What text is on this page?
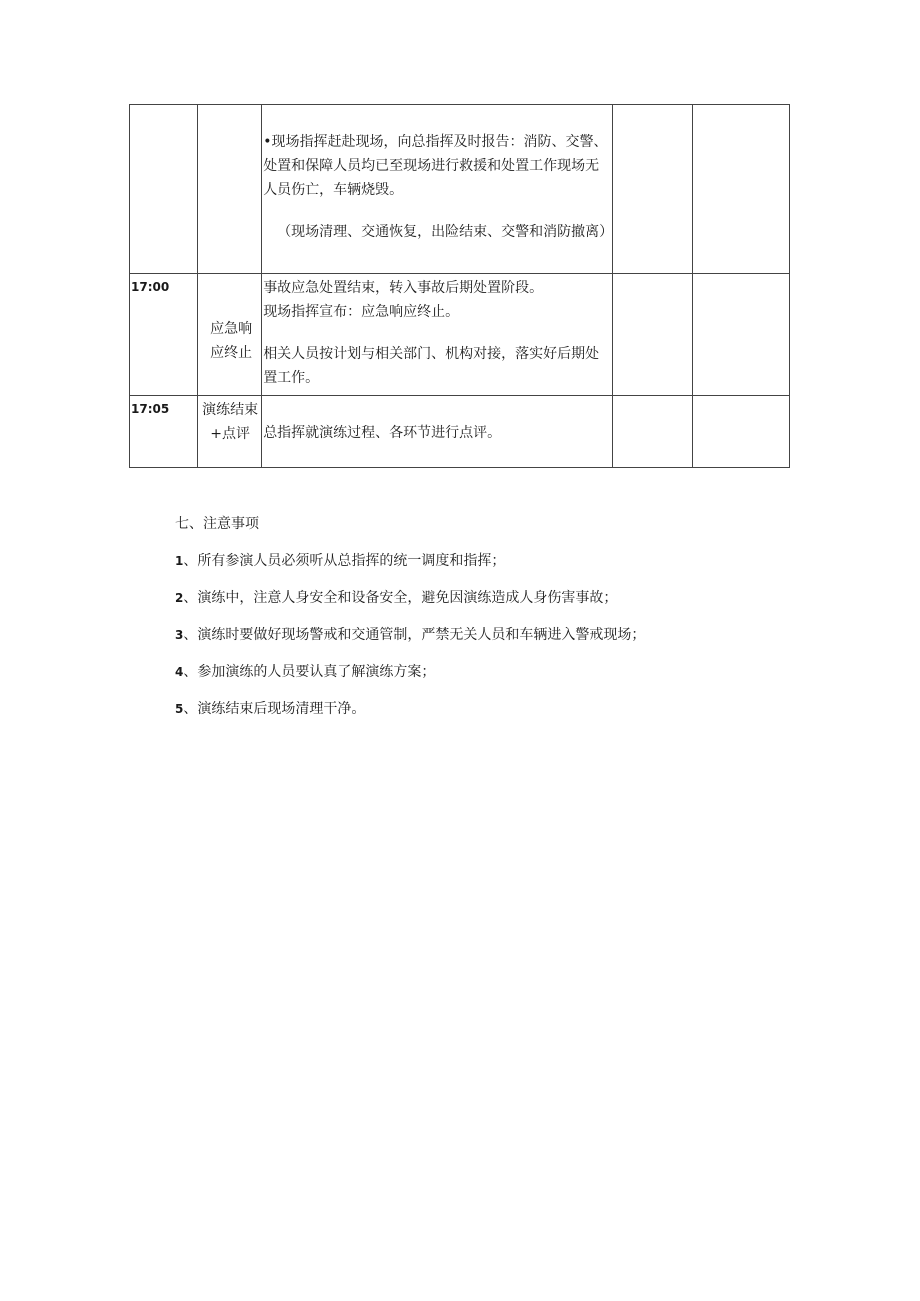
		•现场指挥赶赴现场，向总指挥及时报告：消防、交警、处置和保障人员均已至现场进行救援和处置工作现场无人员伤亡，车辆烧毁。

（现场清理、交通恢复，出险结束、交警和消防撤离）		

17:00	应急响应终止	事故应急处置结束，转入事故后期处置阶段。

现场指挥宣布：应急响应终止。

相关人员按计划与相关部门、机构对接，落实好后期处置工作。		

17:05	演练结束+点评	总指挥就演练过程、各环节进行点评。		

七、注意事项

1、所有参演人员必须听从总指挥的统一调度和指挥；

2、演练中，注意人身安全和设备安全，避免因演练造成人身伤害事故；

3、演练时要做好现场警戒和交通管制，严禁无关人员和车辆进入警戒现场；

4、参加演练的人员要认真了解演练方案；

5、演练结束后现场清理干净。
